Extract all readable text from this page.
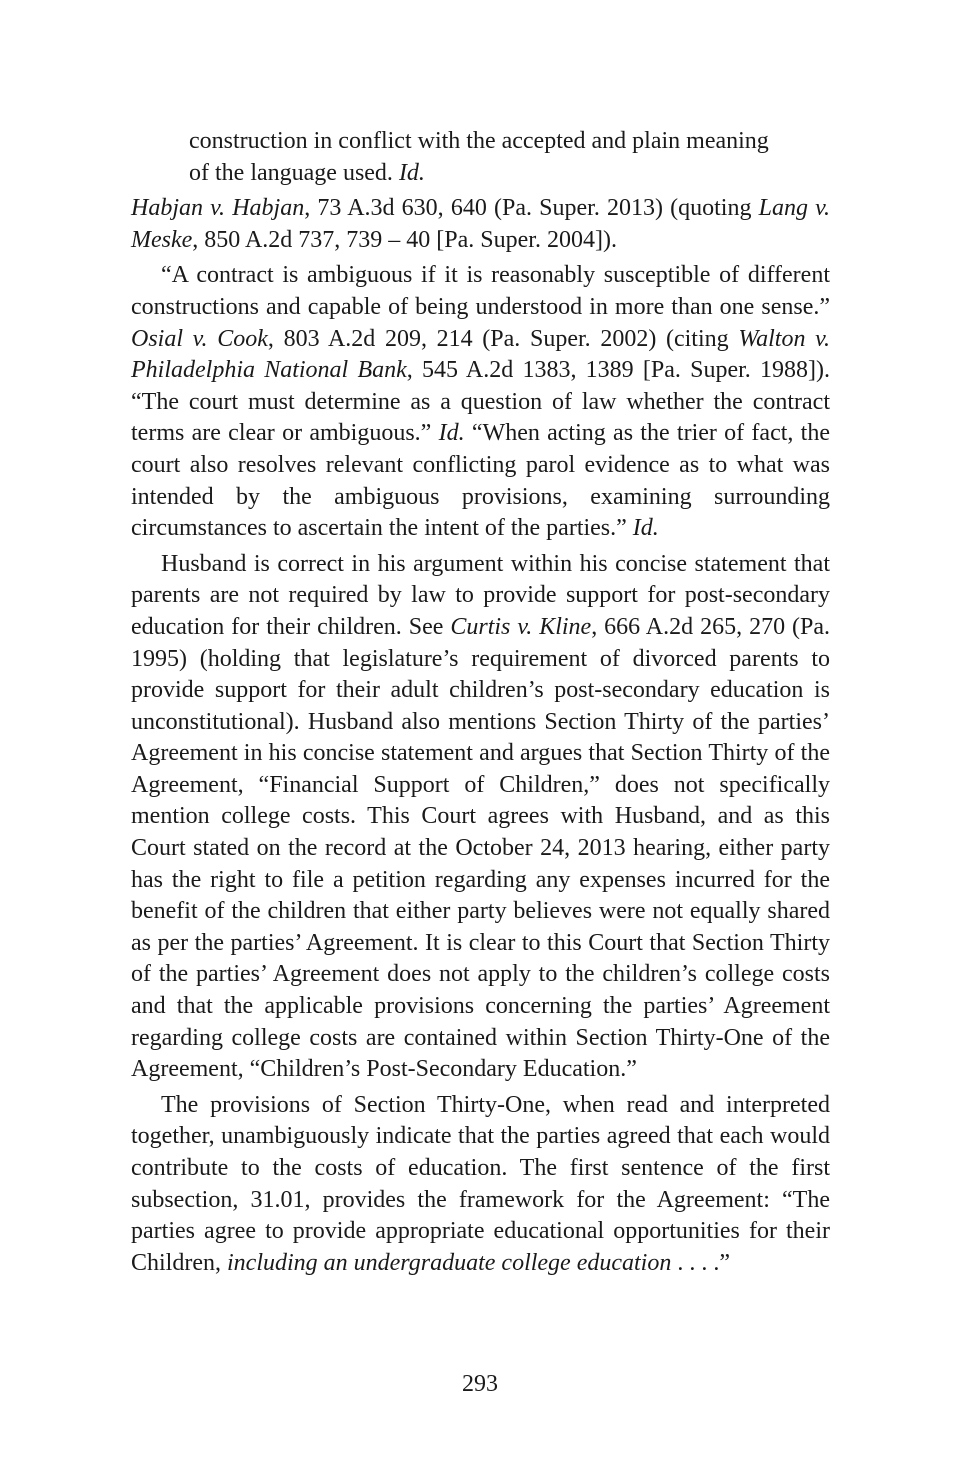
construction in conflict with the accepted and plain meaning of the language used. Id.

Habjan v. Habjan, 73 A.3d 630, 640 (Pa. Super. 2013) (quoting Lang v. Meske, 850 A.2d 737, 739 – 40 [Pa. Super. 2004]).

“A contract is ambiguous if it is reasonably susceptible of different constructions and capable of being understood in more than one sense.” Osial v. Cook, 803 A.2d 209, 214 (Pa. Super. 2002) (citing Walton v. Philadelphia National Bank, 545 A.2d 1383, 1389 [Pa. Super. 1988]). “The court must determine as a question of law whether the contract terms are clear or ambiguous.” Id. “When acting as the trier of fact, the court also resolves relevant conflicting parol evidence as to what was intended by the ambiguous provisions, examining surrounding circumstances to ascertain the intent of the parties.” Id.

Husband is correct in his argument within his concise statement that parents are not required by law to provide support for post-secondary education for their children. See Curtis v. Kline, 666 A.2d 265, 270 (Pa. 1995) (holding that legislature’s requirement of divorced parents to provide support for their adult children’s post-secondary education is unconstitutional). Husband also mentions Section Thirty of the parties’ Agreement in his concise statement and argues that Section Thirty of the Agreement, “Financial Support of Children,” does not specifically mention college costs. This Court agrees with Husband, and as this Court stated on the record at the October 24, 2013 hearing, either party has the right to file a petition regarding any expenses incurred for the benefit of the children that either party believes were not equally shared as per the parties’ Agreement. It is clear to this Court that Section Thirty of the parties’ Agreement does not apply to the children’s college costs and that the applicable provisions concerning the parties’ Agreement regarding college costs are contained within Section Thirty-One of the Agreement, “Children’s Post-Secondary Education.”

The provisions of Section Thirty-One, when read and interpreted together, unambiguously indicate that the parties agreed that each would contribute to the costs of education. The first sentence of the first subsection, 31.01, provides the framework for the Agreement: “The parties agree to provide appropriate educational opportunities for their Children, including an undergraduate college education . . . .”

293
